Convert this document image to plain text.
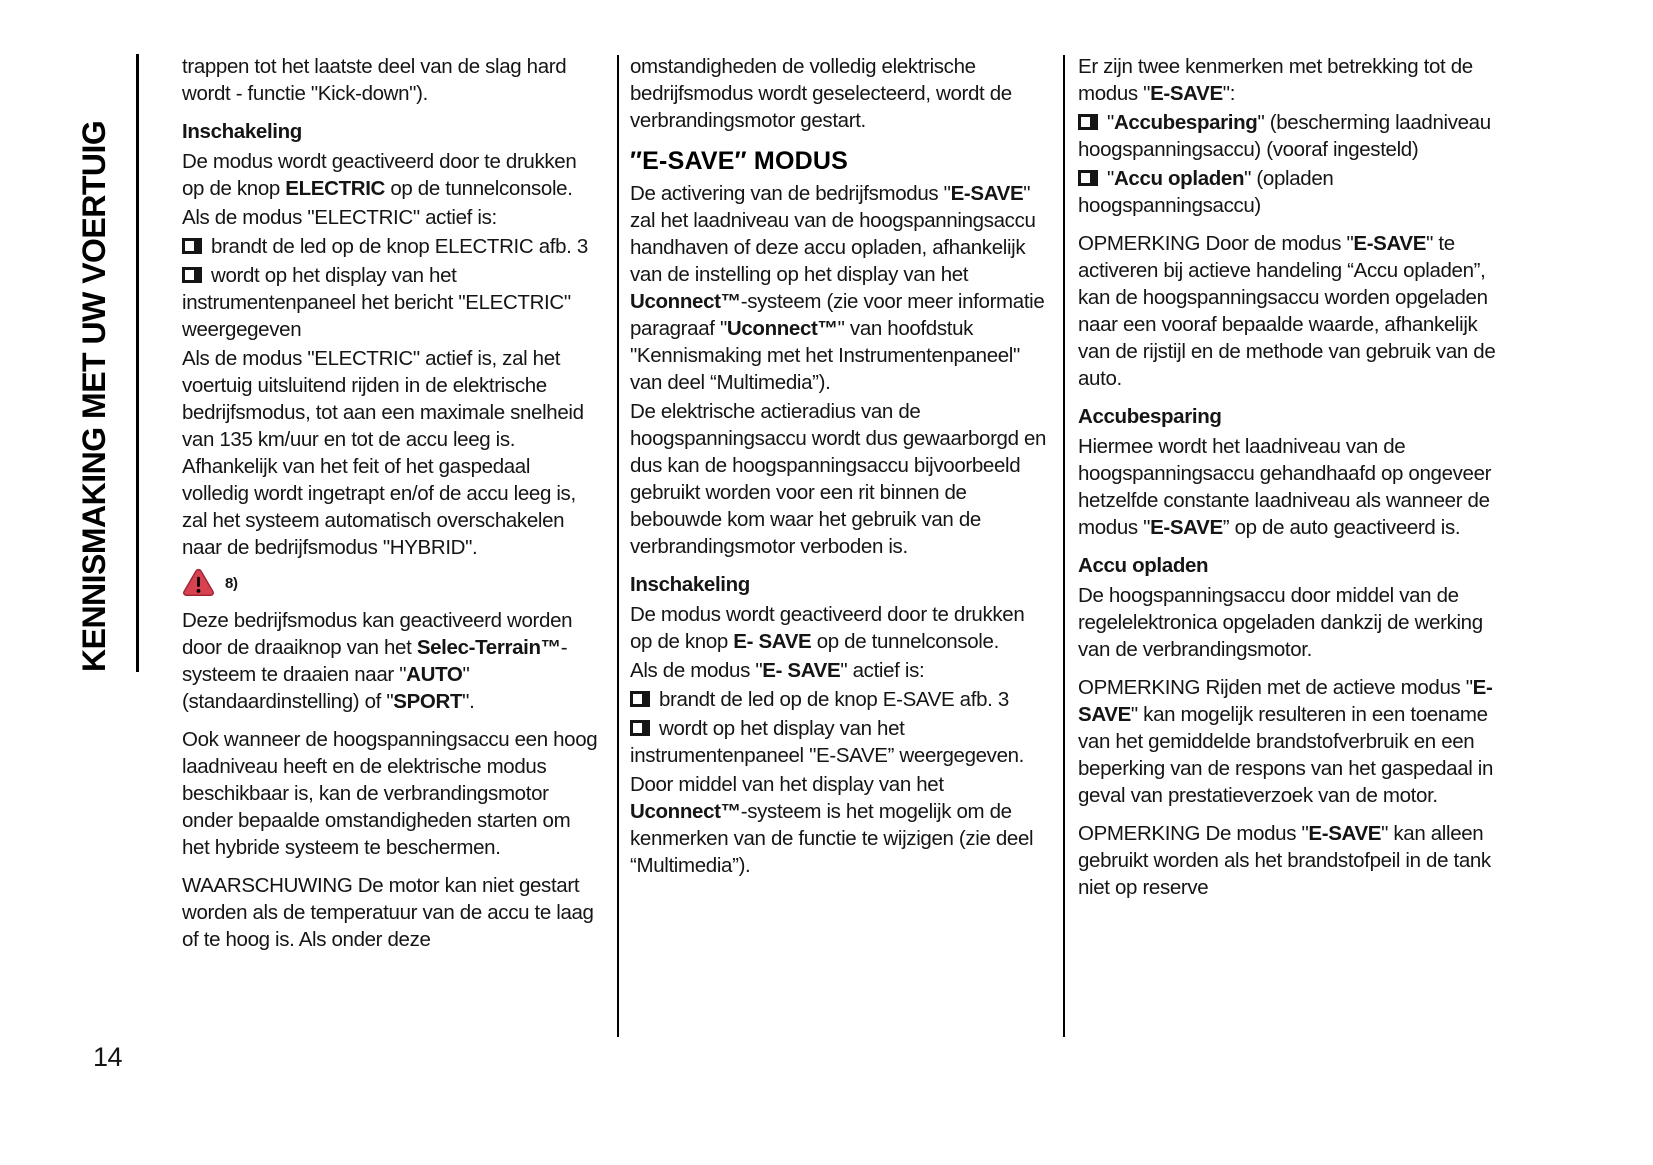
KENNISMAKING MET UW VOERTUIG
trappen tot het laatste deel van de slag hard wordt - functie "Kick-down").
Inschakeling
De modus wordt geactiveerd door te drukken op de knop ELECTRIC op de tunnelconsole.
Als de modus "ELECTRIC" actief is:
brandt de led op de knop ELECTRIC afb. 3
wordt op het display van het instrumentenpaneel het bericht "ELECTRIC" weergegeven
Als de modus "ELECTRIC" actief is, zal het voertuig uitsluitend rijden in de elektrische bedrijfsmodus, tot aan een maximale snelheid van 135 km/uur en tot de accu leeg is. Afhankelijk van het feit of het gaspedaal volledig wordt ingetrapt en/of de accu leeg is, zal het systeem automatisch overschakelen naar de bedrijfsmodus "HYBRID".
8)
Deze bedrijfsmodus kan geactiveerd worden door de draaiknop van het Selec-Terrain™-systeem te draaien naar "AUTO" (standaardinstelling) of "SPORT".
Ook wanneer de hoogspanningsaccu een hoog laadniveau heeft en de elektrische modus beschikbaar is, kan de verbrandingsmotor onder bepaalde omstandigheden starten om het hybride systeem te beschermen.
WAARSCHUWING De motor kan niet gestart worden als de temperatuur van de accu te laag of te hoog is. Als onder deze
omstandigheden de volledig elektrische bedrijfsmodus wordt geselecteerd, wordt de verbrandingsmotor gestart.
″E-SAVE″ MODUS
De activering van de bedrijfsmodus "E-SAVE" zal het laadniveau van de hoogspanningsaccu handhaven of deze accu opladen, afhankelijk van de instelling op het display van het Uconnect™-systeem (zie voor meer informatie paragraaf "Uconnect™" van hoofdstuk "Kennismaking met het Instrumentenpaneel" van deel “Multimedia”).
De elektrische actieradius van de hoogspanningsaccu wordt dus gewaarborgd en dus kan de hoogspanningsaccu bijvoorbeeld gebruikt worden voor een rit binnen de bebouwde kom waar het gebruik van de verbrandingsmotor verboden is.
Inschakeling
De modus wordt geactiveerd door te drukken op de knop E- SAVE op de tunnelconsole.
Als de modus "E- SAVE" actief is:
brandt de led op de knop E-SAVE afb. 3
wordt op het display van het instrumentenpaneel "E-SAVE” weergegeven.
Door middel van het display van het Uconnect™-systeem is het mogelijk om de kenmerken van de functie te wijzigen (zie deel “Multimedia”).
Er zijn twee kenmerken met betrekking tot de modus "E-SAVE":
"Accubesparing" (bescherming laadniveau hoogspanningsaccu) (vooraf ingesteld)
"Accu opladen" (opladen hoogspanningsaccu)
OPMERKING Door de modus "E-SAVE" te activeren bij actieve handeling “Accu opladen”, kan de hoogspanningsaccu worden opgeladen naar een vooraf bepaalde waarde, afhankelijk van de rijstijl en de methode van gebruik van de auto.
Accubesparing
Hiermee wordt het laadniveau van de hoogspanningsaccu gehandhaafd op ongeveer hetzelfde constante laadniveau als wanneer de modus "E-SAVE” op de auto geactiveerd is.
Accu opladen
De hoogspanningsaccu door middel van de regelelektronica opgeladen dankzij de werking van de verbrandingsmotor.
OPMERKING Rijden met de actieve modus "E-SAVE" kan mogelijk resulteren in een toename van het gemiddelde brandstofverbruik en een beperking van de respons van het gaspedaal in geval van prestatieverzoek van de motor.
OPMERKING De modus "E-SAVE" kan alleen gebruikt worden als het brandstofpeil in de tank niet op reserve
14
